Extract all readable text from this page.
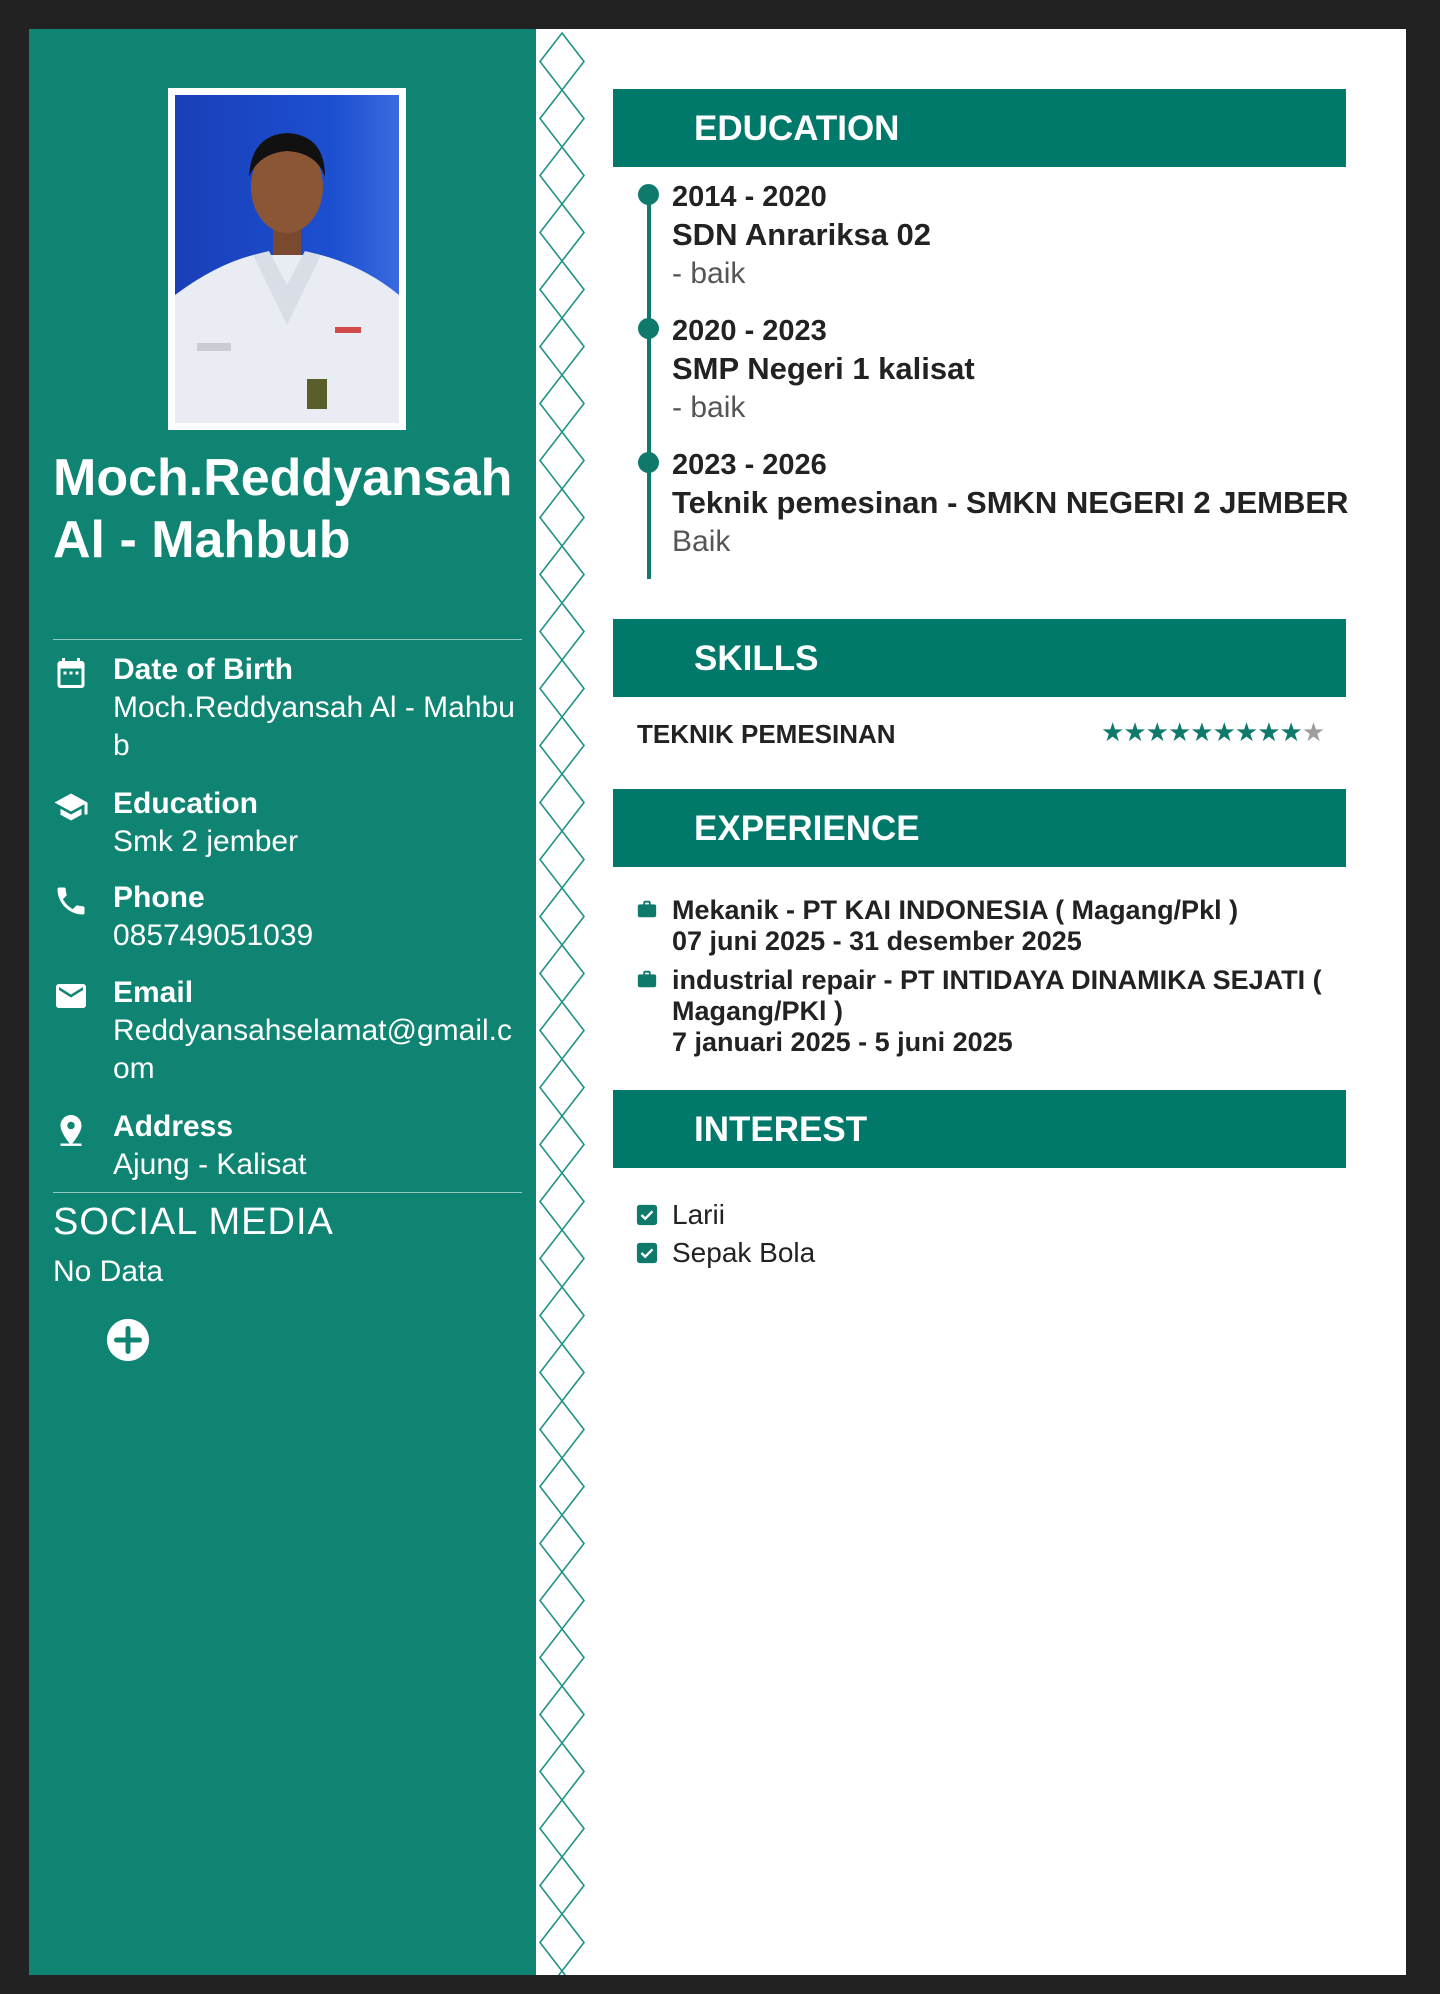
Moch.Reddyansah
Al - Mahbub
Date of Birth
Moch.Reddyansah Al - Mahbub
Education
Smk 2 jember
Phone
085749051039
Email
Reddyansahselamat@gmail.com
Address
Ajung - Kalisat
SOCIAL MEDIA
No Data
EDUCATION
2014 - 2020
SDN Anrariksa 02
- baik
2020 - 2023
SMP Negeri 1 kalisat
- baik
2023 - 2026
Teknik pemesinan - SMKN NEGERI 2 JEMBER
Baik
SKILLS
TEKNIK PEMESINAN	★★★★★★★★★★
EXPERIENCE
Mekanik - PT KAI INDONESIA ( Magang/Pkl )
07 juni 2025 - 31 desember 2025
industrial repair - PT INTIDAYA DINAMIKA SEJATI ( Magang/PKl )
7 januari 2025 - 5 juni 2025
INTEREST
Larii
Sepak Bola
